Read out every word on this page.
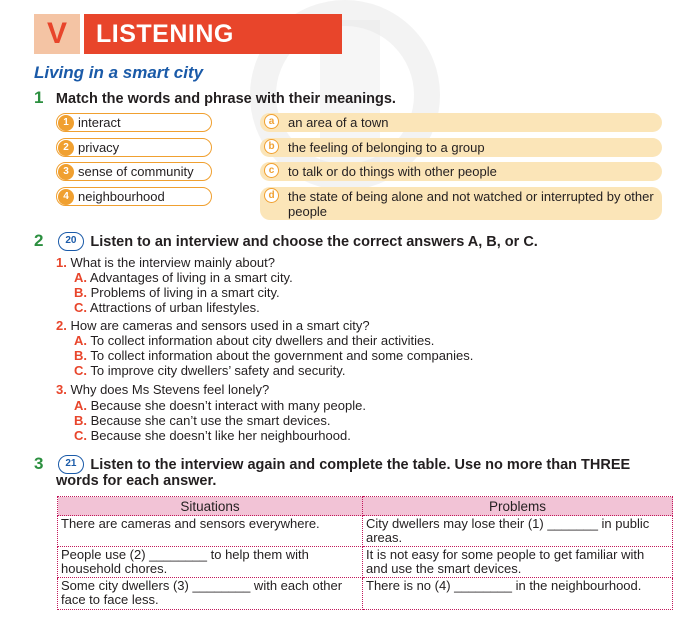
V	LISTENING
Living in a smart city
1 Match the words and phrase with their meanings.
1 interact
2 privacy
3 sense of community
4 neighbourhood
a	an area of a town
b	the feeling of belonging to a group
c	to talk or do things with other people
d	the state of being alone and not watched or interrupted by other people
2 20 Listen to an interview and choose the correct answers A, B, or C.
1. What is the interview mainly about?
A. Advantages of living in a smart city.
B. Problems of living in a smart city.
C. Attractions of urban lifestyles.
2. How are cameras and sensors used in a smart city?
A. To collect information about city dwellers and their activities.
B. To collect information about the government and some companies.
C. To improve city dwellers’ safety and security.
3. Why does Ms Stevens feel lonely?
A. Because she doesn’t interact with many people.
B. Because she can’t use the smart devices.
C. Because she doesn’t like her neighbourhood.
3 21 Listen to the interview again and complete the table. Use no more than THREE
words for each answer.
Situations	Problems
There are cameras and sensors everywhere.	City dwellers may lose their (1) _______ in public areas.
People use (2) ________ to help them with household chores.	It is not easy for some people to get familiar with and use the smart devices.
Some city dwellers (3) ________ with each other face to face less.	There is no (4) ________ in the neighbourhood.
